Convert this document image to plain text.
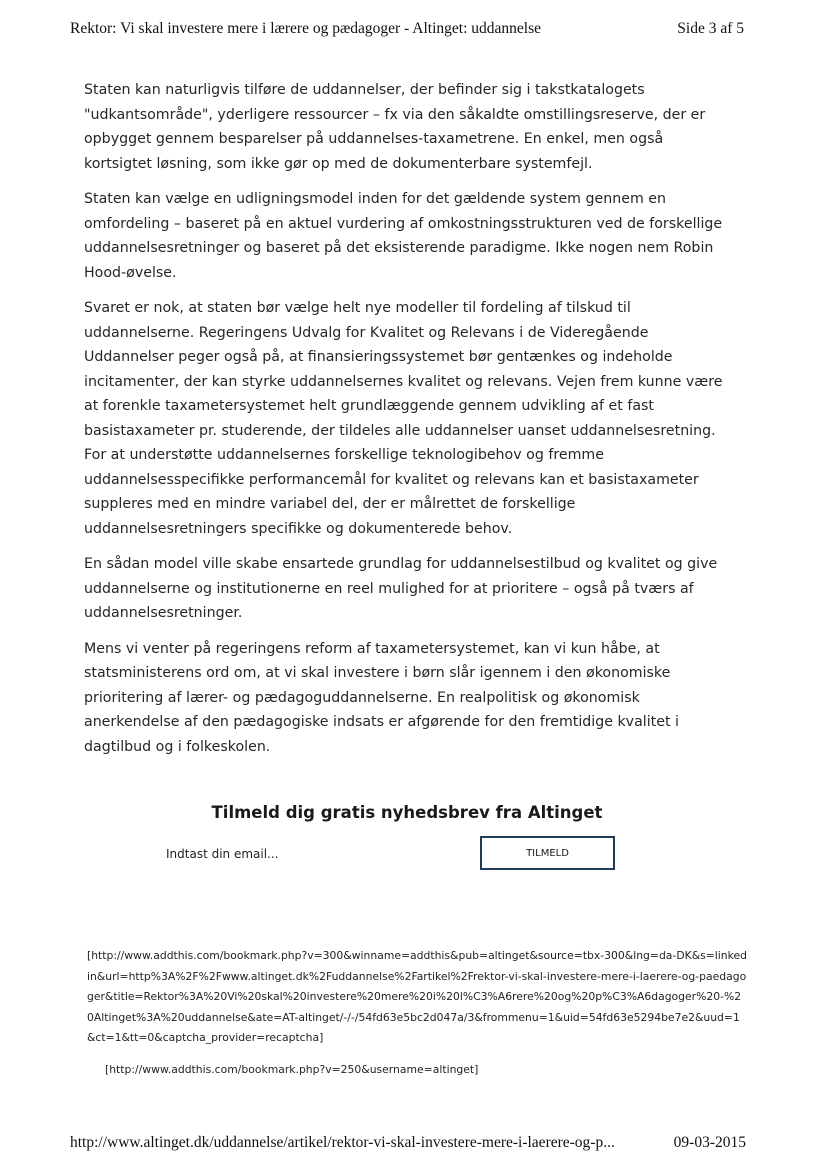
Rektor: Vi skal investere mere i lærere og pædagoger - Altinget: uddannelse	Side 3 af 5

Staten kan naturligvis tilføre de uddannelser, der befinder sig i takstkatalogets "udkantsområde", yderligere ressourcer – fx via den såkaldte omstillingsreserve, der er opbygget gennem besparelser på uddannelses-taxametrene. En enkel, men også kortsigtet løsning, som ikke gør op med de dokumenterbare systemfejl.

Staten kan vælge en udligningsmodel inden for det gældende system gennem en omfordeling – baseret på en aktuel vurdering af omkostningsstrukturen ved de forskellige uddannelsesretninger og baseret på det eksisterende paradigme. Ikke nogen nem Robin Hood-øvelse.

Svaret er nok, at staten bør vælge helt nye modeller til fordeling af tilskud til uddannelserne. Regeringens Udvalg for Kvalitet og Relevans i de Videregående Uddannelser peger også på, at finansieringssystemet bør gentænkes og indeholde incitamenter, der kan styrke uddannelsernes kvalitet og relevans. Vejen frem kunne være at forenkle taxametersystemet helt grundlæggende gennem udvikling af et fast basistaxameter pr. studerende, der tildeles alle uddannelser uanset uddannelsesretning. For at understøtte uddannelsernes forskellige teknologibehov og fremme uddannelsesspecifikke performancemål for kvalitet og relevans kan et basistaxameter suppleres med en mindre variabel del, der er målrettet de forskellige uddannelsesretningers specifikke og dokumenterede behov.

En sådan model ville skabe ensartede grundlag for uddannelsestilbud og kvalitet og give uddannelserne og institutionerne en reel mulighed for at prioritere – også på tværs af uddannelsesretninger.

Mens vi venter på regeringens reform af taxametersystemet, kan vi kun håbe, at statsministerens ord om, at vi skal investere i børn slår igennem i den økonomiske prioritering af lærer- og pædagoguddannelserne. En realpolitisk og økonomisk anerkendelse af den pædagogiske indsats er afgørende for den fremtidige kvalitet i dagtilbud og i folkeskolen.

Tilmeld dig gratis nyhedsbrev fra Altinget
Indtast din email...
TILMELD
[http://www.addthis.com/bookmark.php?v=300&winname=addthis&pub=altinget&source=tbx-300&lng=da-DK&s=linkedin&url=http%3A%2F%2Fwww.altinget.dk%2Fuddannelse%2Fartikel%2Frektor-vi-skal-investere-mere-i-laerere-og-paedagoger&title=Rektor%3A%20Vi%20skal%20investere%20mere%20i%20l%C3%A6rere%20og%20p%C3%A6dagoger%20-%20Altinget%3A%20uddannelse&ate=AT-altinget/-/-/54fd63e5bc2d047a/3&frommenu=1&uid=54fd63e5294be7e2&uud=1&ct=1&tt=0&captcha_provider=recaptcha]
[http://www.addthis.com/bookmark.php?v=250&username=altinget]
http://www.altinget.dk/uddannelse/artikel/rektor-vi-skal-investere-mere-i-laerere-og-p...	09-03-2015
